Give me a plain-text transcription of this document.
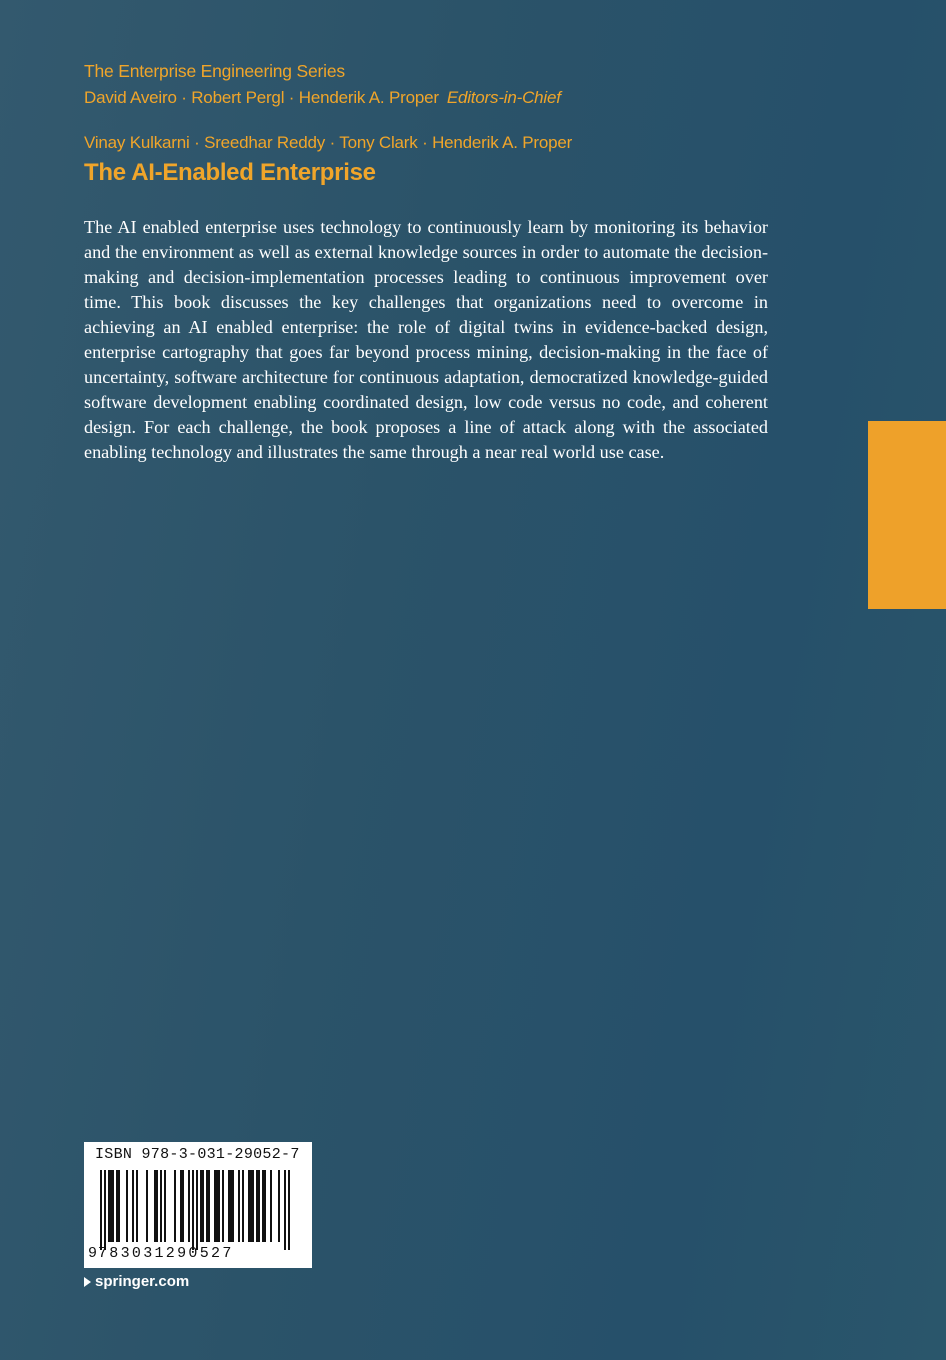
The Enterprise Engineering Series
David Aveiro · Robert Pergl · Henderik A. Proper Editors-in-Chief
Vinay Kulkarni · Sreedhar Reddy · Tony Clark · Henderik A. Proper
The AI-Enabled Enterprise

The AI enabled enterprise uses technology to continuously learn by monitoring its behavior and the environment as well as external knowledge sources in order to automate the decision-making and decision-implementation processes leading to continuous improvement over time. This book discusses the key challenges that organizations need to overcome in achieving an AI enabled enterprise: the role of digital twins in evidence-backed design, enterprise cartography that goes far beyond process mining, decision-making in the face of uncertainty, software architecture for continuous adaptation, democratized knowledge-guided software development enabling coordinated design, low code versus no code, and coherent design. For each challenge, the book proposes a line of attack along with the associated enabling technology and illustrates the same through a near real world use case.

ISBN 978-3-031-29052-7
9 783031290527
springer.com
